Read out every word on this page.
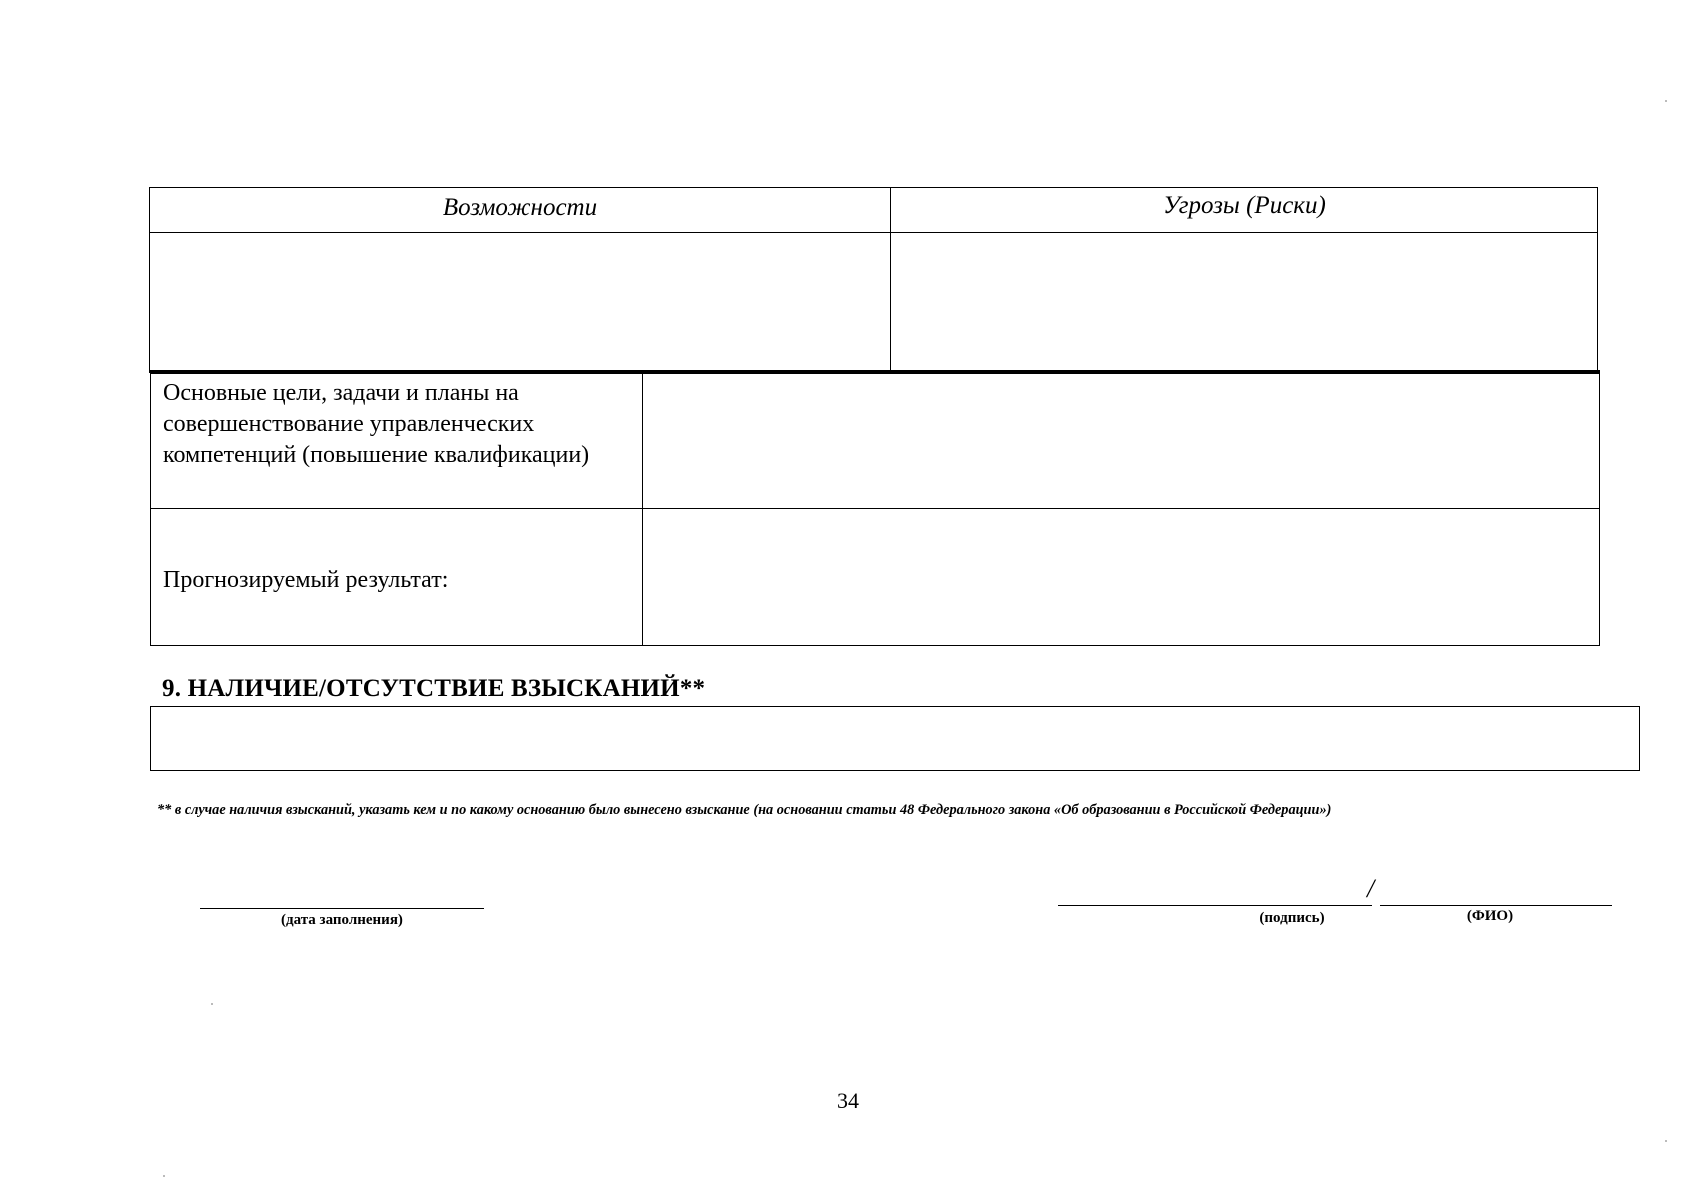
Возможности	Угрозы (Риски)
Основные цели, задачи и планы на совершенствование управленческих компетенций (повышение квалификации)
Прогнозируемый результат:
9. НАЛИЧИЕ/ОТСУТСТВИЕ ВЗЫСКАНИЙ**
** в случае наличия взысканий, указать кем и по какому основанию было вынесено взыскание (на основании статьи 48 Федерального закона «Об образовании в Российской Федерации»)
(дата заполнения)
/
(подпись)	(ФИО)
34
